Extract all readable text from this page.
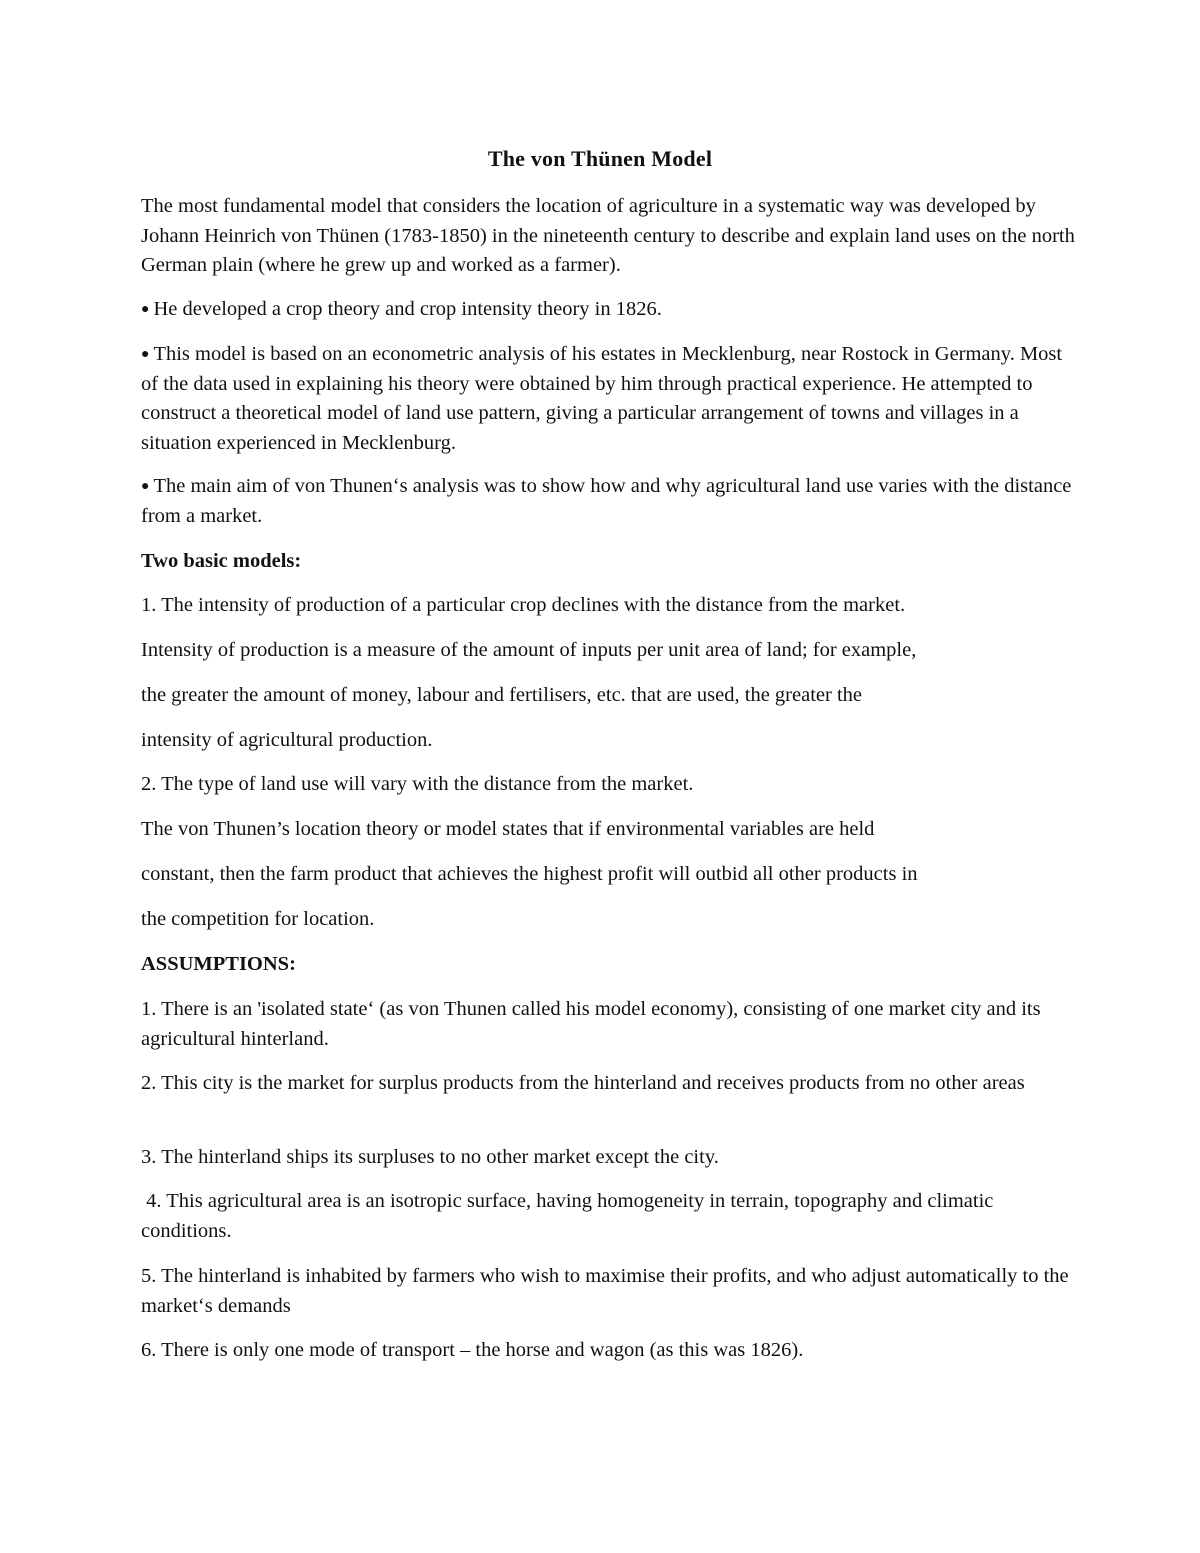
The von Thünen Model
The most fundamental model that considers the location of agriculture in a systematic way was developed by Johann Heinrich von Thünen (1783-1850) in the nineteenth century to describe and explain land uses on the north German plain (where he grew up and worked as a farmer).
● He developed a crop theory and crop intensity theory in 1826.
● This model is based on an econometric analysis of his estates in Mecklenburg, near Rostock in Germany. Most of the data used in explaining his theory were obtained by him through practical experience. He attempted to construct a theoretical model of land use pattern, giving a particular arrangement of towns and villages in a situation experienced in Mecklenburg.
● The main aim of von Thunen‘s analysis was to show how and why agricultural land use varies with the distance from a market.
Two basic models:
1. The intensity of production of a particular crop declines with the distance from the market.
Intensity of production is a measure of the amount of inputs per unit area of land; for example,
the greater the amount of money, labour and fertilisers, etc. that are used, the greater the
intensity of agricultural production.
2. The type of land use will vary with the distance from the market.
The von Thunen’s location theory or model states that if environmental variables are held
constant, then the farm product that achieves the highest profit will outbid all other products in
the competition for location.
ASSUMPTIONS:
1. There is an 'isolated state‘ (as von Thunen called his model economy), consisting of one market city and its agricultural hinterland.
2. This city is the market for surplus products from the hinterland and receives products from no other areas
3. The hinterland ships its surpluses to no other market except the city.
4. This agricultural area is an isotropic surface, having homogeneity in terrain, topography and climatic conditions.
5. The hinterland is inhabited by farmers who wish to maximise their profits, and who adjust automatically to the market‘s demands
6. There is only one mode of transport – the horse and wagon (as this was 1826).
